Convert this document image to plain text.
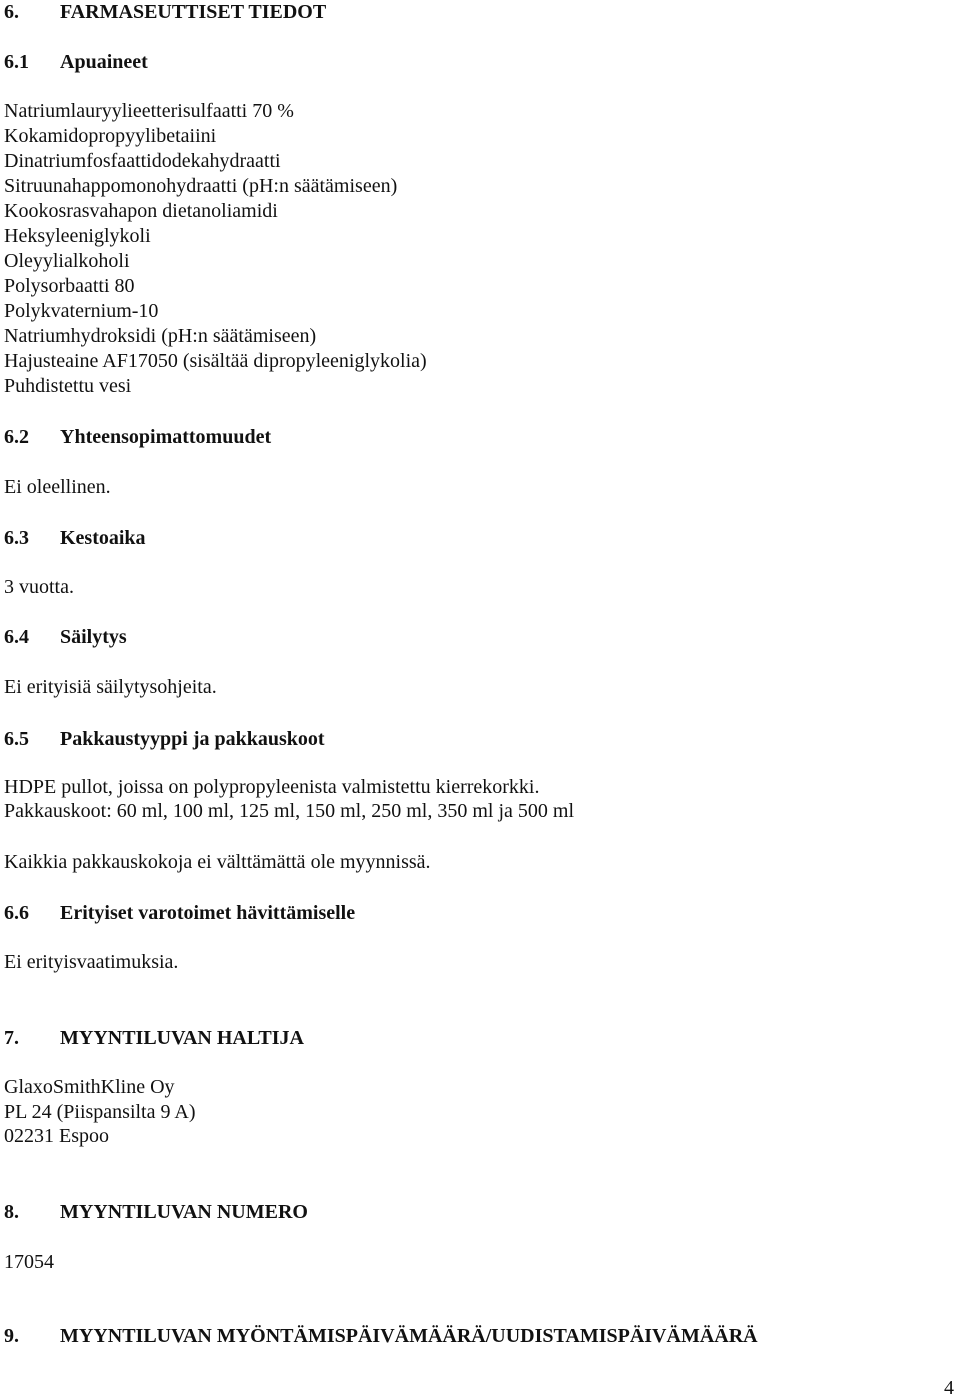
6. FARMASEUTTISET TIEDOT
6.1 Apuaineet
Natriumlauryylieetterisulfaatti 70 %
Kokamidopropyylibetaiini
Dinatriumfosfaattidodekahydraatti
Sitruunahappomonohydraatti (pH:n säätämiseen)
Kookosrasvahapon dietanoliamidi
Heksyleeniglykoli
Oleyylialkoholi
Polysorbaatti 80
Polykvaternium-10
Natriumhydroksidi (pH:n säätämiseen)
Hajusteaine AF17050 (sisältää dipropyleeniglykolia)
Puhdistettu vesi
6.2 Yhteensopimattomuudet
Ei oleellinen.
6.3 Kestoaika
3 vuotta.
6.4 Säilytys
Ei erityisiä säilytysohjeita.
6.5 Pakkaustyyppi ja pakkauskoot
HDPE pullot, joissa on polypropyleenista valmistettu kierrekorkki.
Pakkauskoot: 60 ml, 100 ml, 125 ml, 150 ml, 250 ml, 350 ml ja 500 ml
Kaikkia pakkauskokoja ei välttämättä ole myynnissä.
6.6 Erityiset varotoimet hävittämiselle
Ei erityisvaatimuksia.
7. MYYNTILUVAN HALTIJA
GlaxoSmithKline Oy
PL 24 (Piispansilta 9 A)
02231 Espoo
8. MYYNTILUVAN NUMERO
17054
9. MYYNTILUVAN MYÖNTÄMISPÄIVÄMÄÄRÄ/UUDISTAMISPÄIVÄMÄÄRÄ
4
